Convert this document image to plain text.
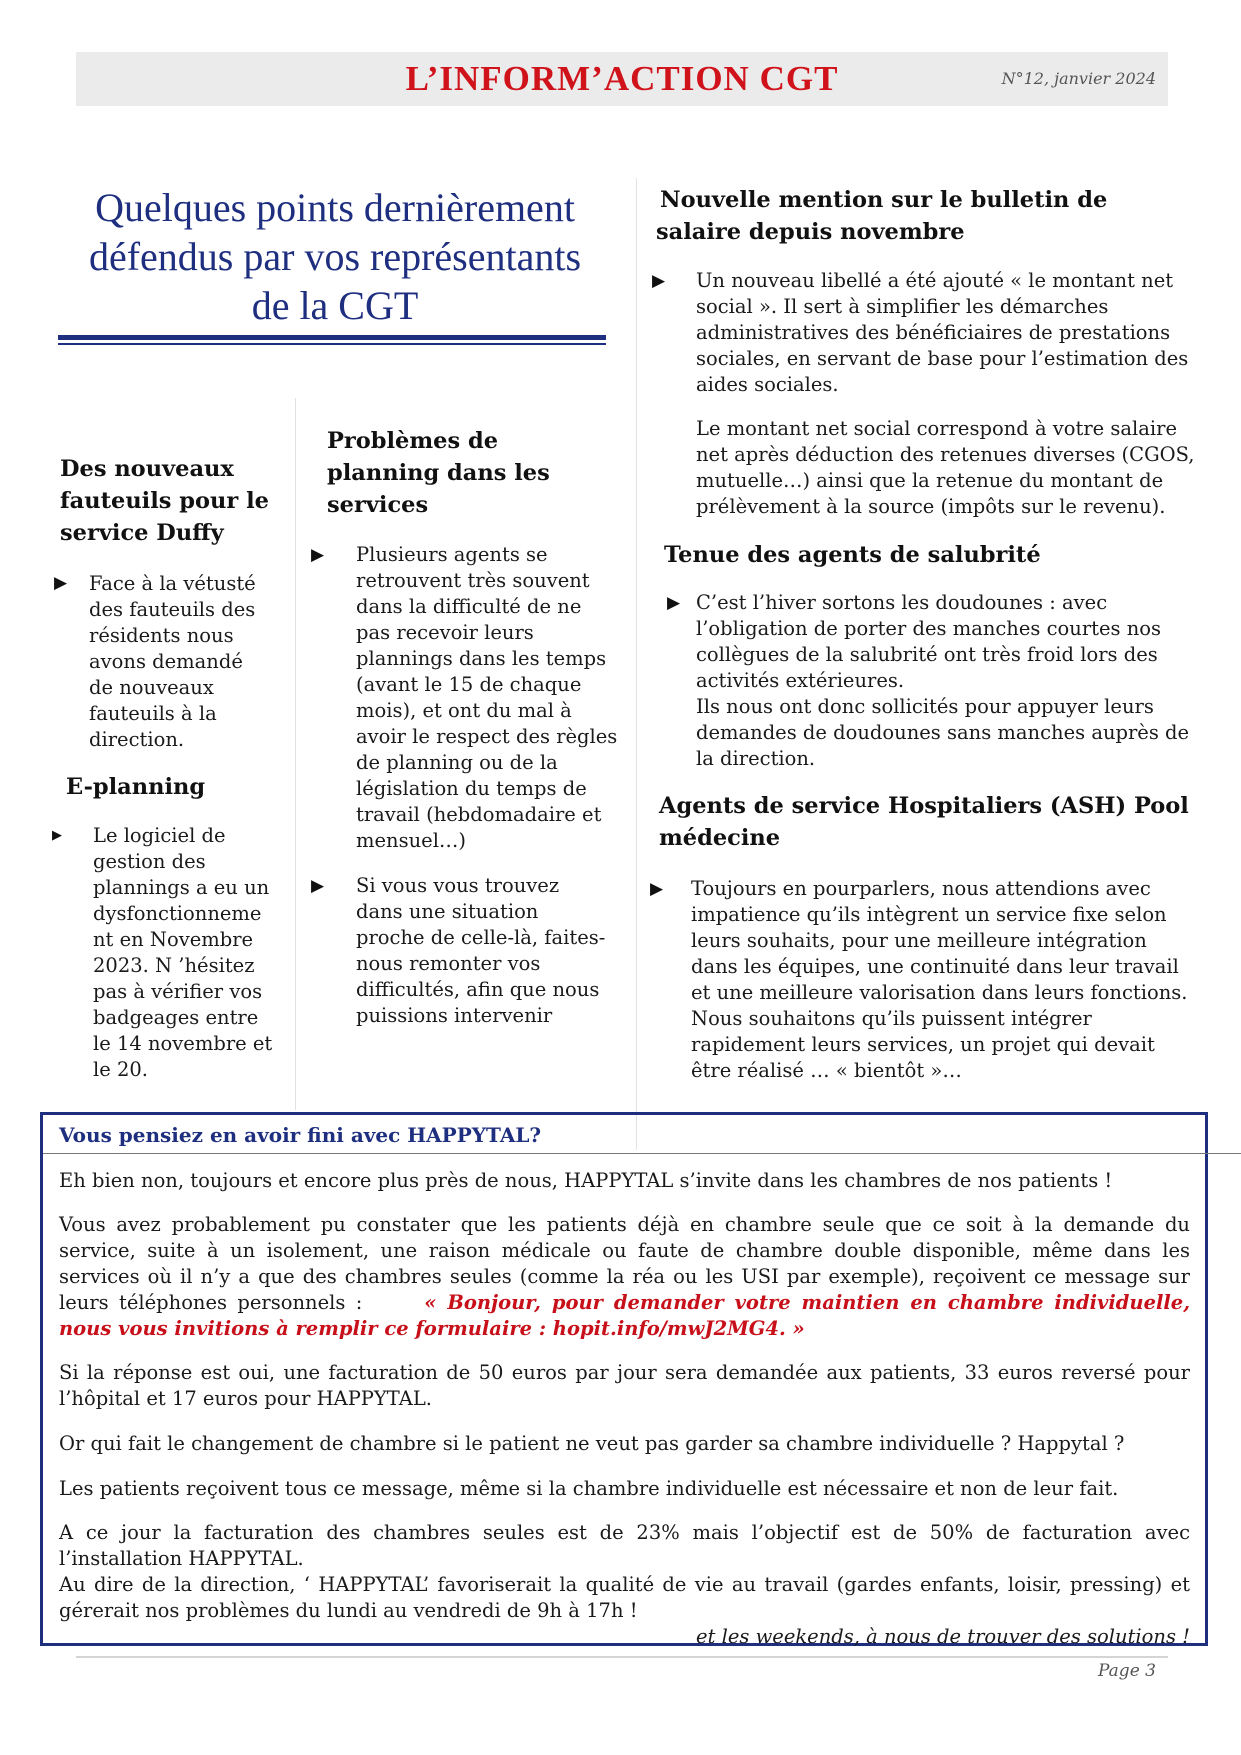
L’INFORM’ACTION CGT	N°12, janvier 2024
Quelques points dernièrement
défendus par vos représentants
de la CGT
Des nouveaux
fauteuils pour le
service Duffy
▶ Face à la vétusté
des fauteuils des
résidents nous
avons demandé
de nouveaux
fauteuils à la
direction.
E-planning
▶ Le logiciel de
gestion des
plannings a eu un
dysfonctionneme
nt en Novembre
2023. N ’hésitez
pas à vérifier vos
badgeages entre
le 14 novembre et
le 20.
Problèmes de
planning dans les
services
▶ Plusieurs agents se
retrouvent très souvent
dans la difficulté de ne
pas recevoir leurs
plannings dans les temps
(avant le 15 de chaque
mois), et ont du mal à
avoir le respect des règles
de planning ou de la
législation du temps de
travail (hebdomadaire et
mensuel…)
▶ Si vous vous trouvez
dans une situation
proche de celle-là, faites-
nous remonter vos
difficultés, afin que nous
puissions intervenir
Nouvelle mention sur le bulletin de
salaire depuis novembre
▶ Un nouveau libellé a été ajouté « le montant net
social ». Il sert à simplifier les démarches
administratives des bénéficiaires de prestations
sociales, en servant de base pour l’estimation des
aides sociales.
Le montant net social correspond à votre salaire
net après déduction des retenues diverses (CGOS,
mutuelle…) ainsi que la retenue du montant de
prélèvement à la source (impôts sur le revenu).
Tenue des agents de salubrité
▶ C’est l’hiver sortons les doudounes : avec
l’obligation de porter des manches courtes nos
collègues de la salubrité ont très froid lors des
activités extérieures.
Ils nous ont donc sollicités pour appuyer leurs
demandes de doudounes sans manches auprès de
la direction.
Agents de service Hospitaliers (ASH) Pool
médecine
▶ Toujours en pourparlers, nous attendions avec
impatience qu’ils intègrent un service fixe selon
leurs souhaits, pour une meilleure intégration
dans les équipes, une continuité dans leur travail
et une meilleure valorisation dans leurs fonctions.
Nous souhaitons qu’ils puissent intégrer
rapidement leurs services, un projet qui devait
être réalisé … « bientôt »…
Vous pensiez en avoir fini avec HAPPYTAL?
Eh bien non, toujours et encore plus près de nous, HAPPYTAL s’invite dans les chambres de nos patients !
Vous avez probablement pu constater que les patients déjà en chambre seule que ce soit à la demande du service, suite à un isolement, une raison médicale ou faute de chambre double disponible, même dans les services où il n’y a que des chambres seules (comme la réa ou les USI par exemple), reçoivent ce message sur leurs téléphones personnels :	« Bonjour, pour demander votre maintien en chambre individuelle, nous vous invitions à remplir ce formulaire : hopit.info/mwJ2MG4. »
Si la réponse est oui, une facturation de 50 euros par jour sera demandée aux patients, 33 euros reversé pour l’hôpital et 17 euros pour HAPPYTAL.
Or qui fait le changement de chambre si le patient ne veut pas garder sa chambre individuelle ? Happytal ?
Les patients reçoivent tous ce message, même si la chambre individuelle est nécessaire et non de leur fait.
A ce jour la facturation des chambres seules est de 23% mais l’objectif est de 50% de facturation avec l’installation HAPPYTAL.
Au dire de la direction, ‘ HAPPYTAL’ favoriserait la qualité de vie au travail (gardes enfants, loisir, pressing) et gérerait nos problèmes du lundi au vendredi de 9h à 17h !
et les weekends, à nous de trouver des solutions !
Page 3
